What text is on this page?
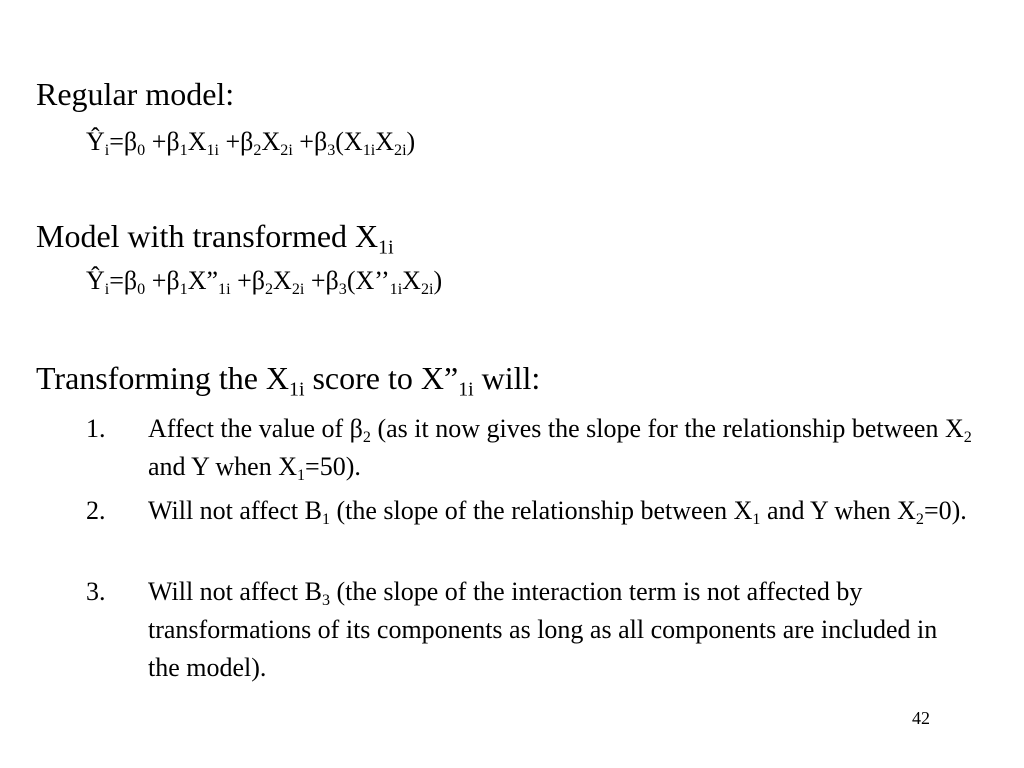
Regular model:
$Ŷ_i=\beta_0 +\beta_1X_{1i} +\beta_2X_{2i} +\beta_3(X_{1i}X_{2i})$
Model with transformed $X_{1i}$
$Ŷ_i=\beta_0$ $+\beta_1X”_{1i} +\beta_2X_{2i}$ $+\beta_3(X’’_{1i}X_{2i})$
Transforming the $X_{1i}$ score to $X”_{1i}$ will:
1.	Affect the value of $\beta_2$ (as it now gives the slope for the relationship between $X_2$ and Y when $X_1=50$).
2.	Will not affect $B_1$ (the slope of the relationship between $X_1$ and Y when $X_2=0$).
3.	Will not affect $B_3$ (the slope of the interaction term is not affected by transformations of its components as long as all components are included in the model).
42
